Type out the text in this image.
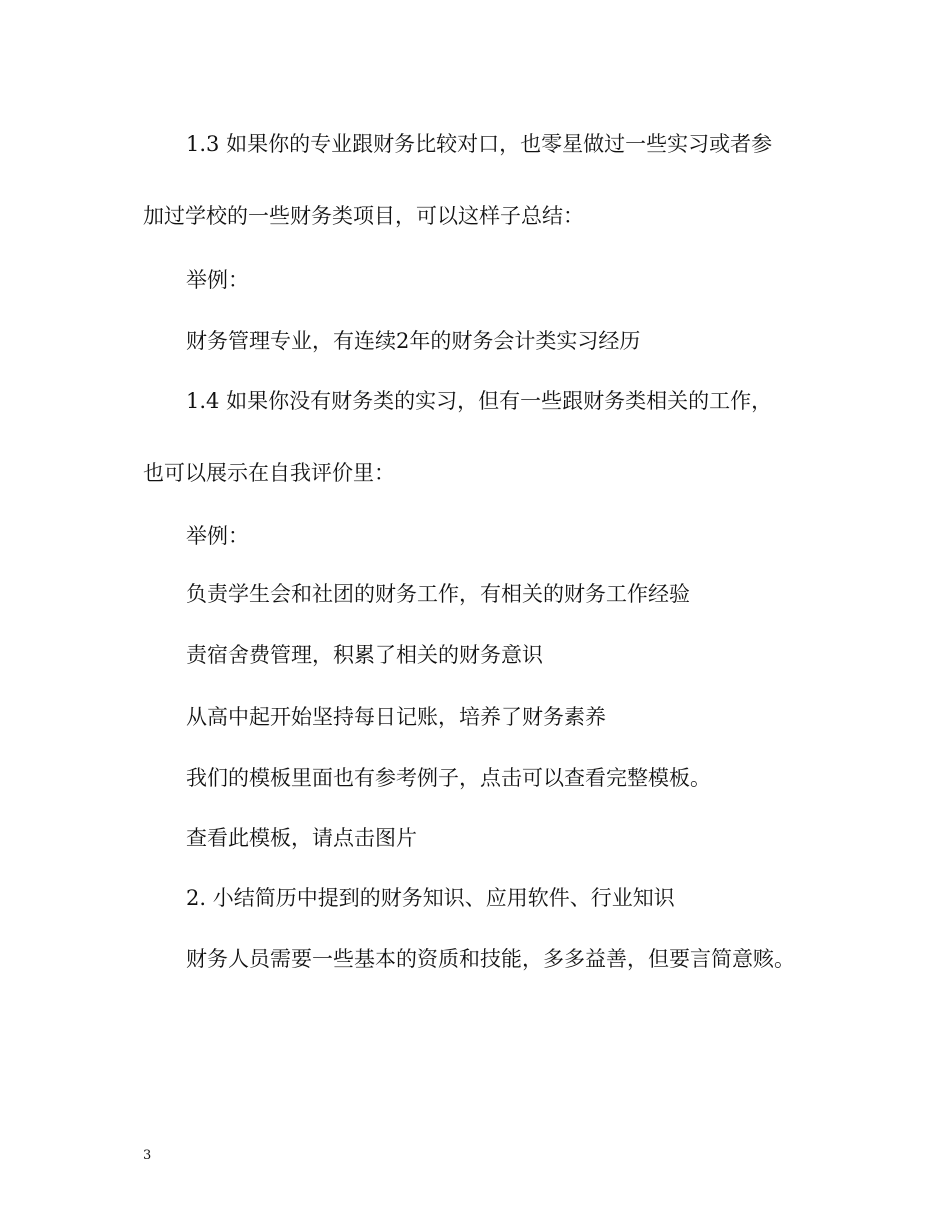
1.3 如果你的专业跟财务比较对口，也零星做过一些实习或者参
加过学校的一些财务类项目，可以这样子总结：
举例：
财务管理专业，有连续2年的财务会计类实习经历
1.4 如果你没有财务类的实习，但有一些跟财务类相关的工作，
也可以展示在自我评价里：
举例：
负责学生会和社团的财务工作，有相关的财务工作经验
责宿舍费管理，积累了相关的财务意识
从高中起开始坚持每日记账，培养了财务素养
我们的模板里面也有参考例子，点击可以查看完整模板。
查看此模板，请点击图片
2. 小结简历中提到的财务知识、应用软件、行业知识
财务人员需要一些基本的资质和技能，多多益善，但要言简意赅。
3
